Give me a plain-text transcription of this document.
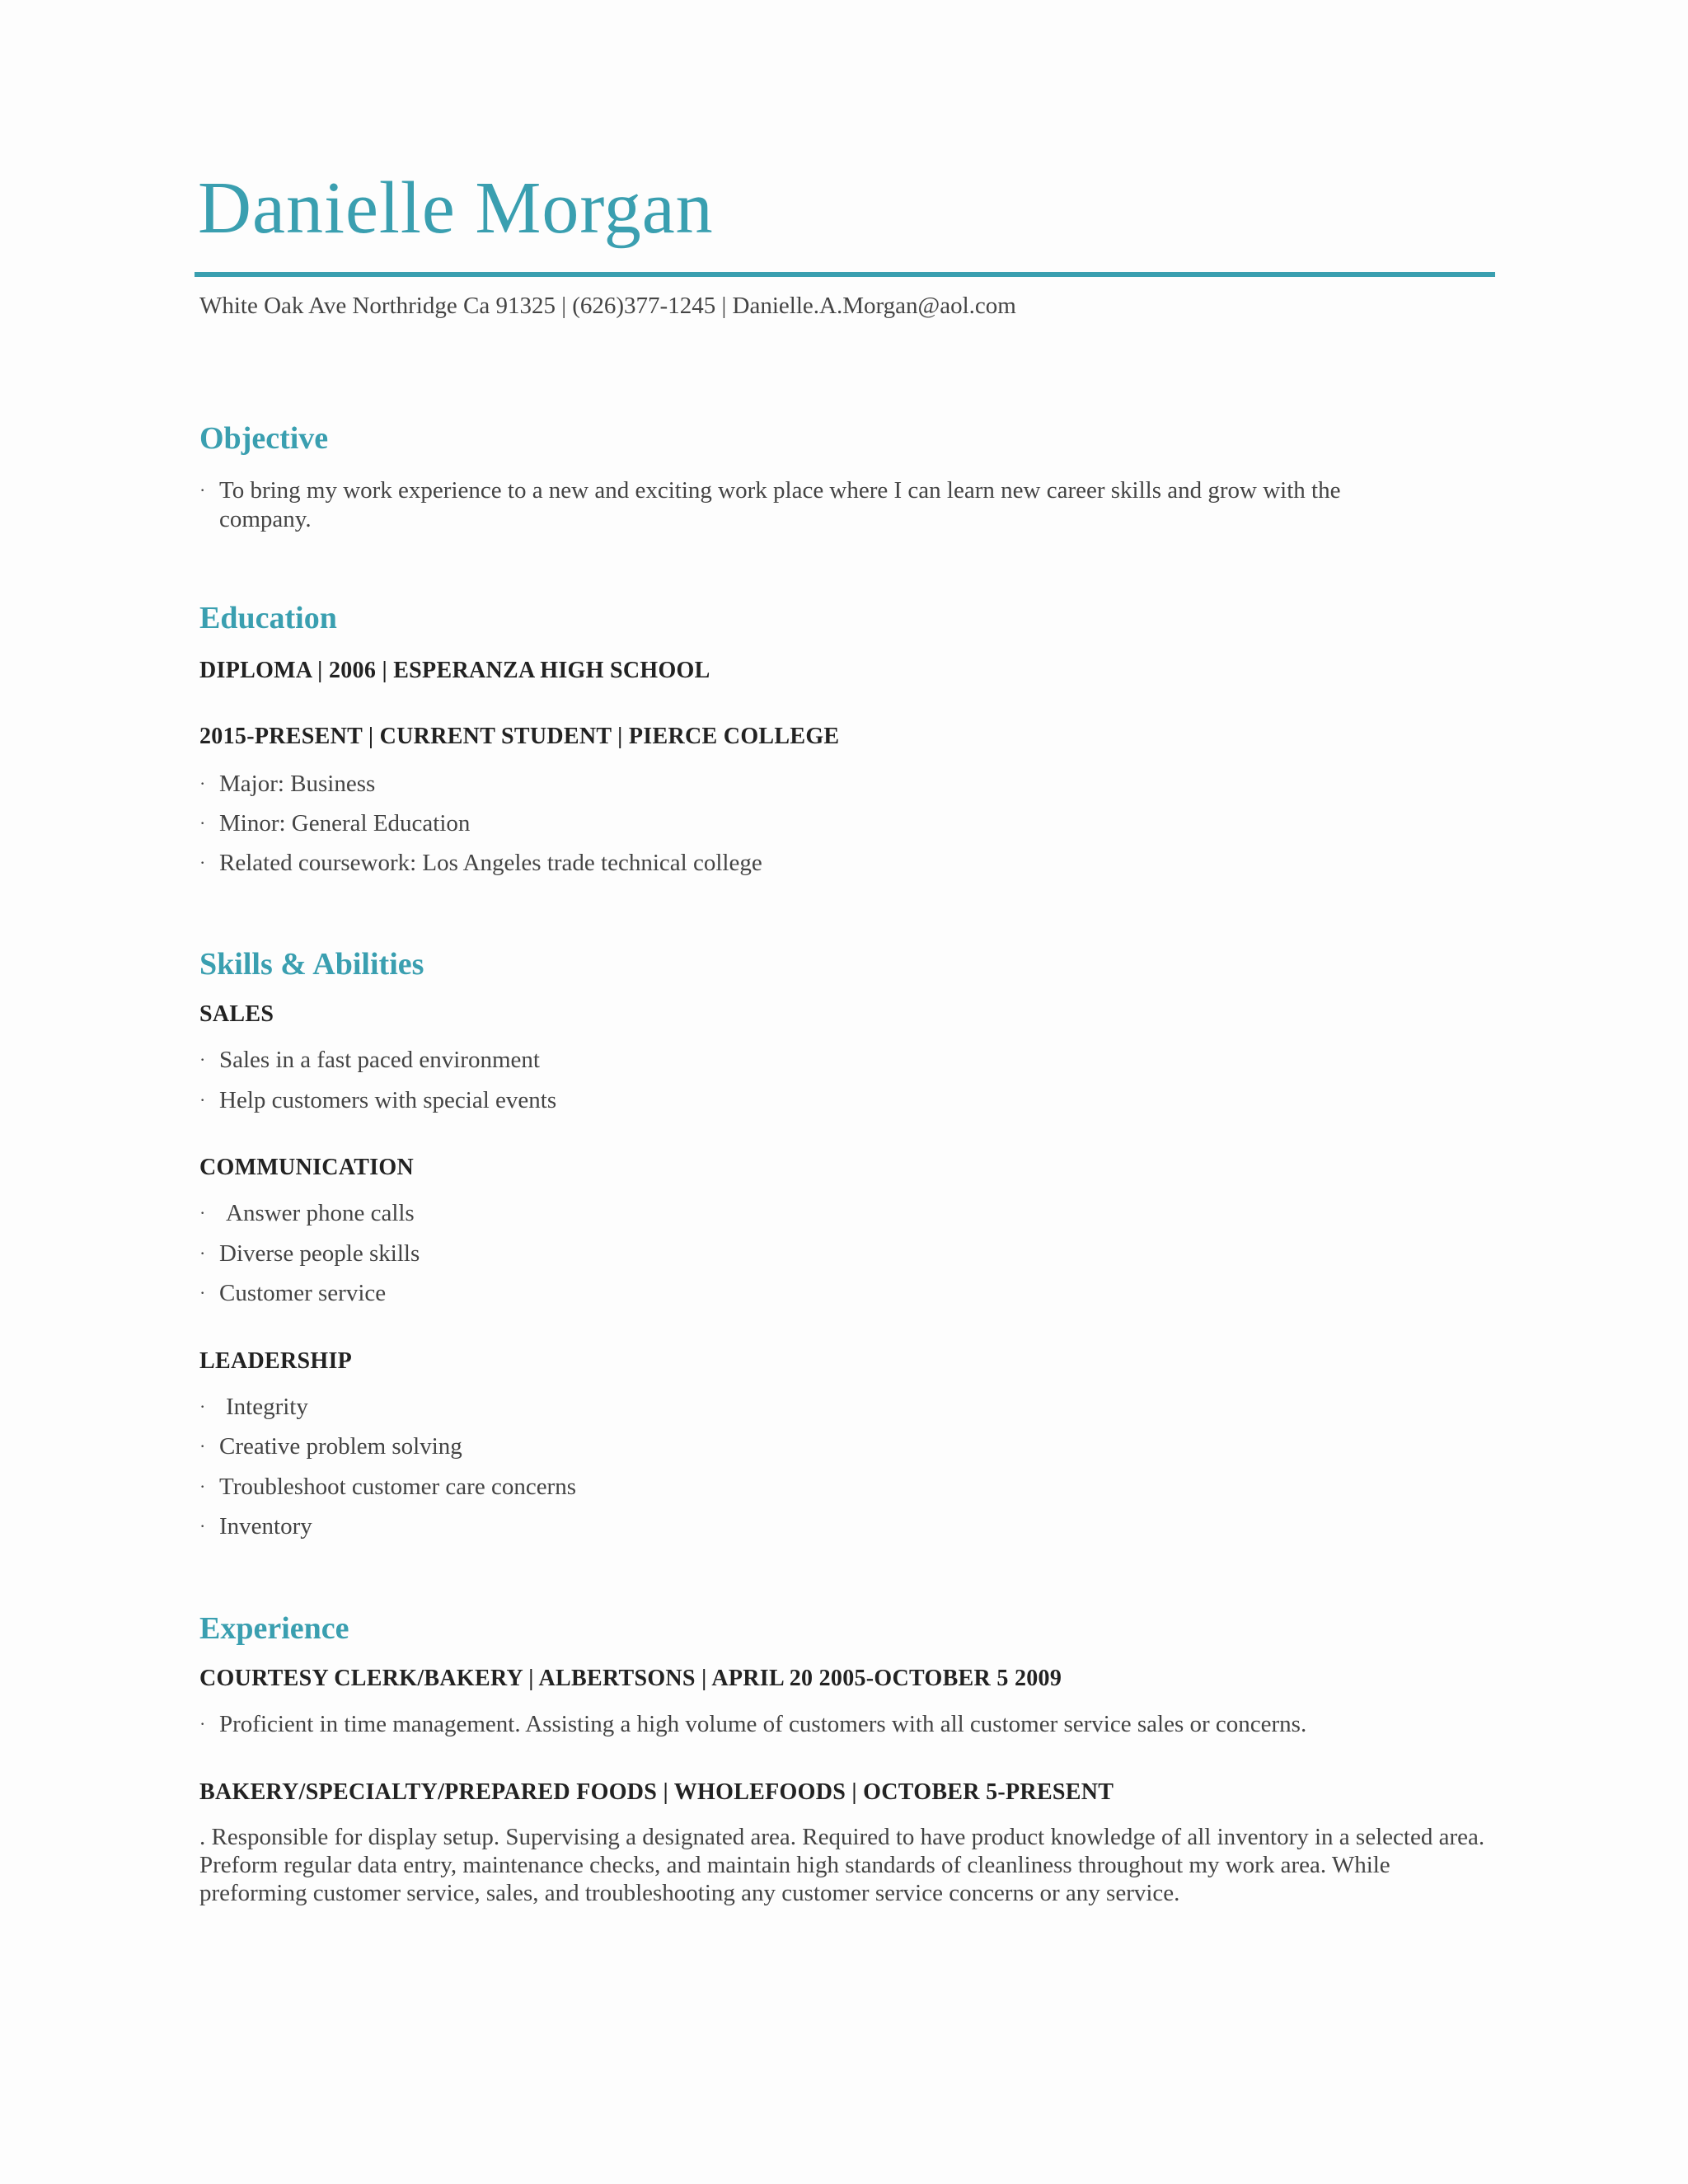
Danielle Morgan
White Oak Ave Northridge Ca 91325 | (626)377-1245 | Danielle.A.Morgan@aol.com
Objective
· To bring my work experience to a new and exciting work place where I can learn new career skills and grow with the
company.
Education
DIPLOMA | 2006 | ESPERANZA HIGH SCHOOL
2015-PRESENT | CURRENT STUDENT | PIERCE COLLEGE
· Major: Business
· Minor: General Education
· Related coursework: Los Angeles trade technical college
Skills & Abilities
SALES
· Sales in a fast paced environment
· Help customers with special events
COMMUNICATION
· Answer phone calls
· Diverse people skills
· Customer service
LEADERSHIP
· Integrity
· Creative problem solving
· Troubleshoot customer care concerns
· Inventory
Experience
COURTESY CLERK/BAKERY | ALBERTSONS | APRIL 20 2005-OCTOBER 5 2009
· Proficient in time management. Assisting a high volume of customers with all customer service sales or concerns.
BAKERY/SPECIALTY/PREPARED FOODS | WHOLEFOODS | OCTOBER 5-PRESENT
. Responsible for display setup. Supervising a designated area. Required to have product knowledge of all inventory in a selected area. Preform regular data entry, maintenance checks, and maintain high standards of cleanliness throughout my work area. While preforming customer service, sales, and troubleshooting any customer service concerns or any service.
